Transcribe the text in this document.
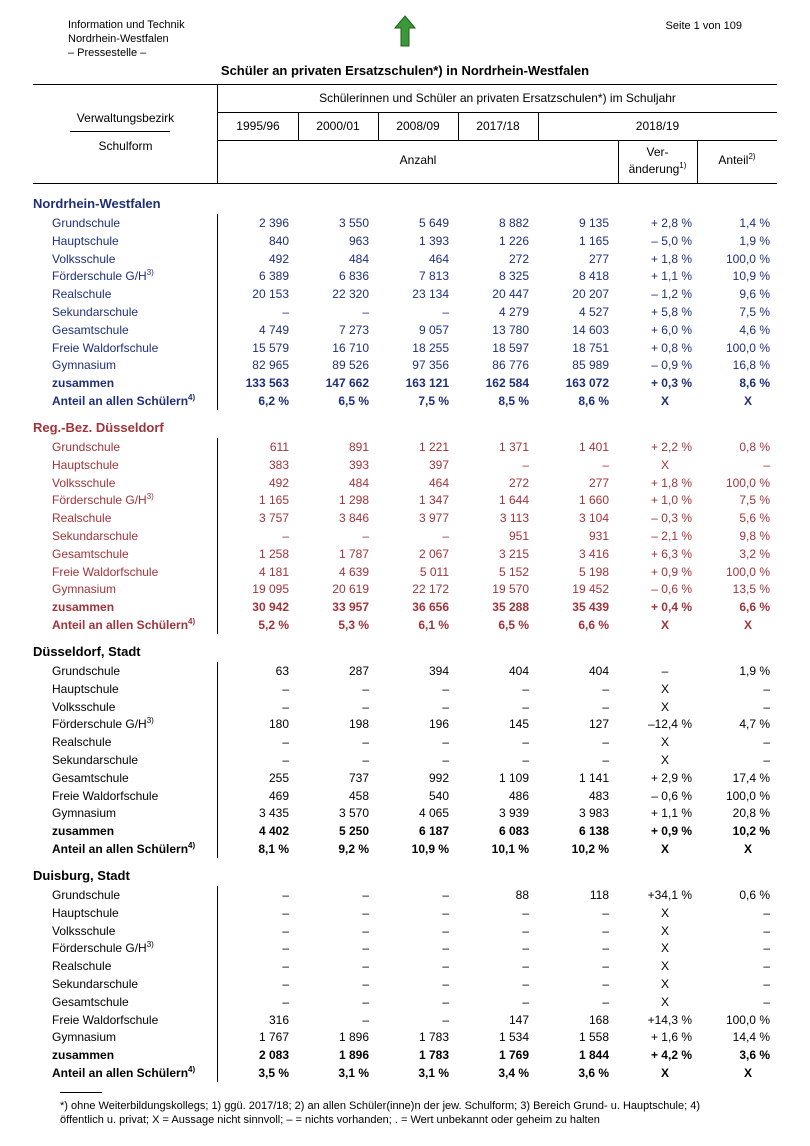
Information und Technik
Nordrhein-Westfalen
– Pressestelle –
Seite 1 von 109
Schüler an privaten Ersatzschulen*) in Nordrhein-Westfalen
Verwaltungsbezirk
Schulform
Schülerinnen und Schüler an privaten Ersatzschulen*) im Schuljahr
1995/96	2000/01	2008/09	2017/18	2018/19
Anzahl
Ver-
änderung$^{1)}$	Anteil$^{2)}$
Nordrhein-Westfalen
Grundschule	2 396	3 550	5 649	8 882	9 135	+ 2,8 %	1,4 %
Hauptschule	840	963	1 393	1 226	1 165	– 5,0 %	1,9 %
Volksschule	492	484	464	272	277	+ 1,8 %	100,0 %
Förderschule $G/H^{3)}$	6 389	6 836	7 813	8 325	8 418	+ 1,1 %	10,9 %
Realschule	20 153	22 320	23 134	20 447	20 207	– 1,2 %	9,6 %
Sekundarschule	–	–	–	4 279	4 527	+ 5,8 %	7,5 %
Gesamtschule	4 749	7 273	9 057	13 780	14 603	+ 6,0 %	4,6 %
Freie Waldorfschule	15 579	16 710	18 255	18 597	18 751	+ 0,8 %	100,0 %
Gymnasium	82 965	89 526	97 356	86 776	85 989	– 0,9 %	16,8 %
zusammen	133 563	147 662	163 121	162 584	163 072	+ 0,3 %	8,6 %
Anteil an allen Schülern$^{4)}$	6,2 %	6,5 %	7,5 %	8,5 %	8,6 %	X	X
Reg.-Bez. Düsseldorf
Grundschule	611	891	1 221	1 371	1 401	+ 2,2 %	0,8 %
Hauptschule	383	393	397	–	–	X	–
Volksschule	492	484	464	272	277	+ 1,8 %	100,0 %
Förderschule $G/H^{3)}$	1 165	1 298	1 347	1 644	1 660	+ 1,0 %	7,5 %
Realschule	3 757	3 846	3 977	3 113	3 104	– 0,3 %	5,6 %
Sekundarschule	–	–	–	951	931	– 2,1 %	9,8 %
Gesamtschule	1 258	1 787	2 067	3 215	3 416	+ 6,3 %	3,2 %
Freie Waldorfschule	4 181	4 639	5 011	5 152	5 198	+ 0,9 %	100,0 %
Gymnasium	19 095	20 619	22 172	19 570	19 452	– 0,6 %	13,5 %
zusammen	30 942	33 957	36 656	35 288	35 439	+ 0,4 %	6,6 %
Anteil an allen Schülern$^{4)}$	5,2 %	5,3 %	6,1 %	6,5 %	6,6 %	X	X
Düsseldorf, Stadt
Grundschule	63	287	394	404	404	–	1,9 %
Hauptschule	–	–	–	–	–	X	–
Volksschule	–	–	–	–	–	X	–
Förderschule $G/H^{3)}$	180	198	196	145	127	–12,4 %	4,7 %
Realschule	–	–	–	–	–	X	–
Sekundarschule	–	–	–	–	–	X	–
Gesamtschule	255	737	992	1 109	1 141	+ 2,9 %	17,4 %
Freie Waldorfschule	469	458	540	486	483	– 0,6 %	100,0 %
Gymnasium	3 435	3 570	4 065	3 939	3 983	+ 1,1 %	20,8 %
zusammen	4 402	5 250	6 187	6 083	6 138	+ 0,9 %	10,2 %
Anteil an allen Schülern$^{4)}$	8,1 %	9,2 %	10,9 %	10,1 %	10,2 %	X	X
Duisburg, Stadt
Grundschule	–	–	–	88	118	+34,1 %	0,6 %
Hauptschule	–	–	–	–	–	X	–
Volksschule	–	–	–	–	–	X	–
Förderschule $G/H^{3)}$	–	–	–	–	–	X	–
Realschule	–	–	–	–	–	X	–
Sekundarschule	–	–	–	–	–	X	–
Gesamtschule	–	–	–	–	–	X	–
Freie Waldorfschule	316	–	–	147	168	+14,3 %	100,0 %
Gymnasium	1 767	1 896	1 783	1 534	1 558	+ 1,6 %	14,4 %
zusammen	2 083	1 896	1 783	1 769	1 844	+ 4,2 %	3,6 %
Anteil an allen Schülern$^{4)}$	3,5 %	3,1 %	3,1 %	3,4 %	3,6 %	X	X
*) ohne Weiterbildungskollegs; 1) ggü. 2017/18; 2) an allen Schüler(inne)n der jew. Schulform; 3) Bereich Grund- u. Hauptschule; 4)
öffentlich u. privat; X = Aussage nicht sinnvoll; – = nichts vorhanden; . = Wert unbekannt oder geheim zu halten
